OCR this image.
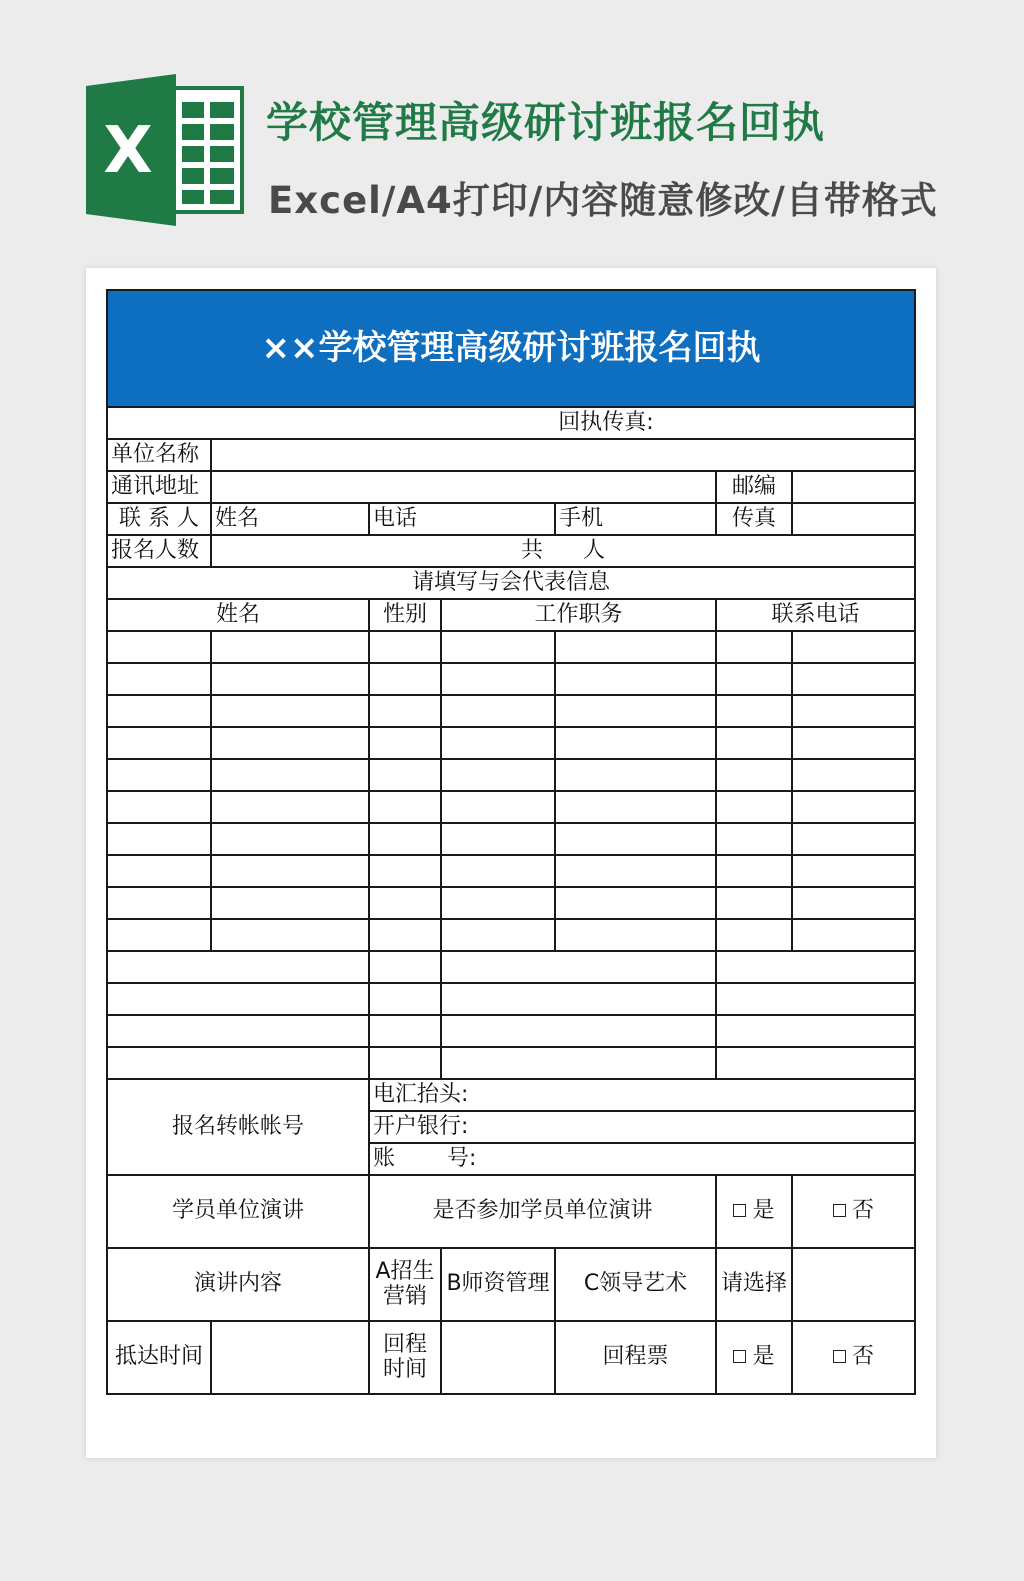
X	学校管理高级研讨班报名回执
Excel/A4打印/内容随意修改/自带格式
××学校管理高级研讨班报名回执						
回执传真:						
单位名称						
通讯地址					邮编	
联 系 人	姓名	电话		手机	传真	
报名人数	共 人					
请填写与会代表信息						
姓名		性别	工作职务		联系电话	

报名转帐帐号		电汇抬头:				
		开户银行:				
		账 号:				
学员单位演讲		是否参加学员单位演讲			是	否
演讲内容		A招生营销	B师资管理	C领导艺术	请选择	
抵达时间		回程时间		回程票	是	否
